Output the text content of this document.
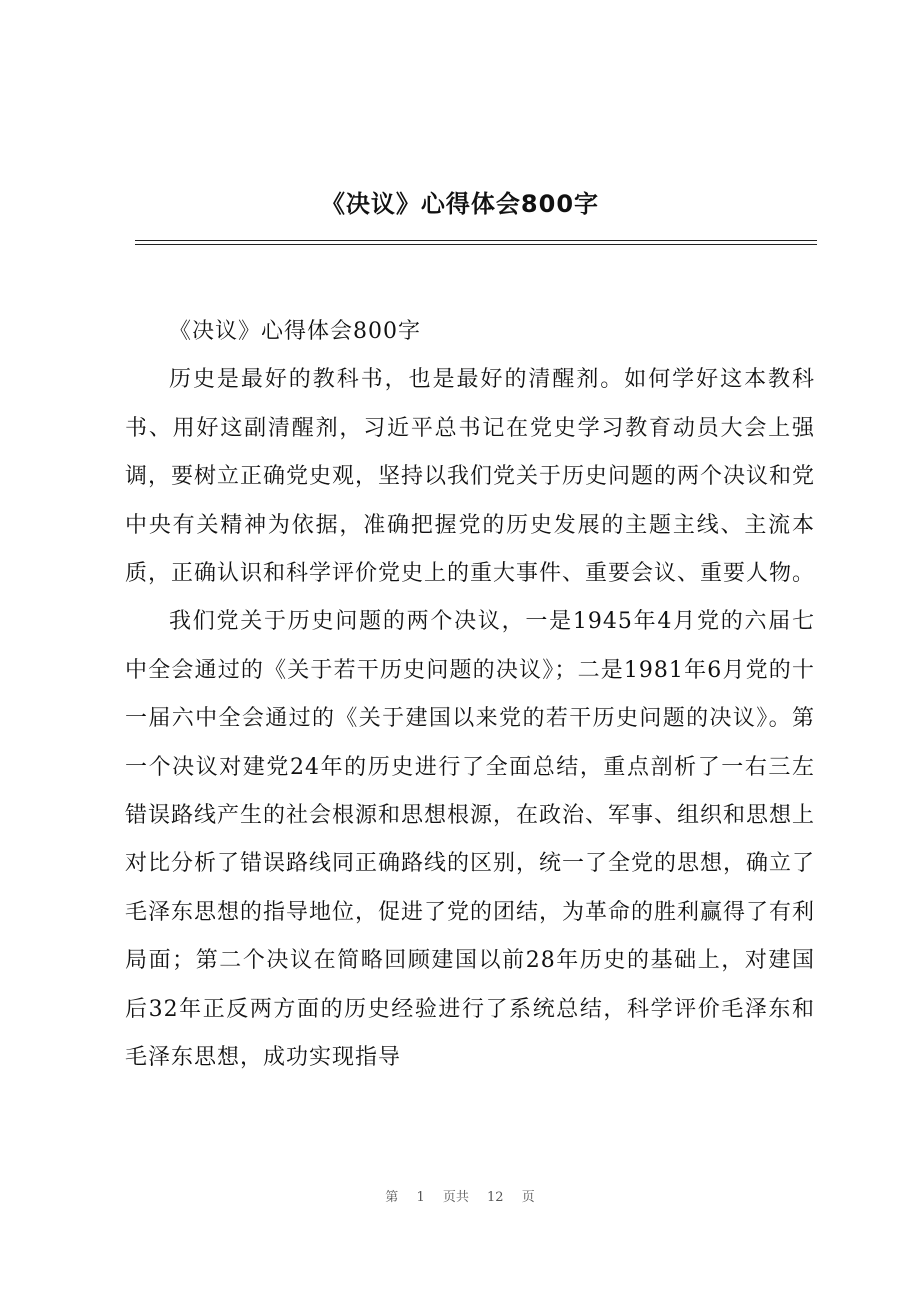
《决议》心得体会800字

《决议》心得体会800字

历史是最好的教科书，也是最好的清醒剂。如何学好这本教科书、用好这副清醒剂，习近平总书记在党史学习教育动员大会上强调，要树立正确党史观，坚持以我们党关于历史问题的两个决议和党中央有关精神为依据，准确把握党的历史发展的主题主线、主流本质，正确认识和科学评价党史上的重大事件、重要会议、重要人物。

我们党关于历史问题的两个决议，一是1945年4月党的六届七中全会通过的《关于若干历史问题的决议》；二是1981年6月党的十一届六中全会通过的《关于建国以来党的若干历史问题的决议》。第一个决议对建党24年的历史进行了全面总结，重点剖析了一右三左错误路线产生的社会根源和思想根源，在政治、军事、组织和思想上对比分析了错误路线同正确路线的区别，统一了全党的思想，确立了毛泽东思想的指导地位，促进了党的团结，为革命的胜利赢得了有利局面；第二个决议在简略回顾建国以前28年历史的基础上，对建国后32年正反两方面的历史经验进行了系统总结，科学评价毛泽东和毛泽东思想，成功实现指导

第 1 页共 12 页
